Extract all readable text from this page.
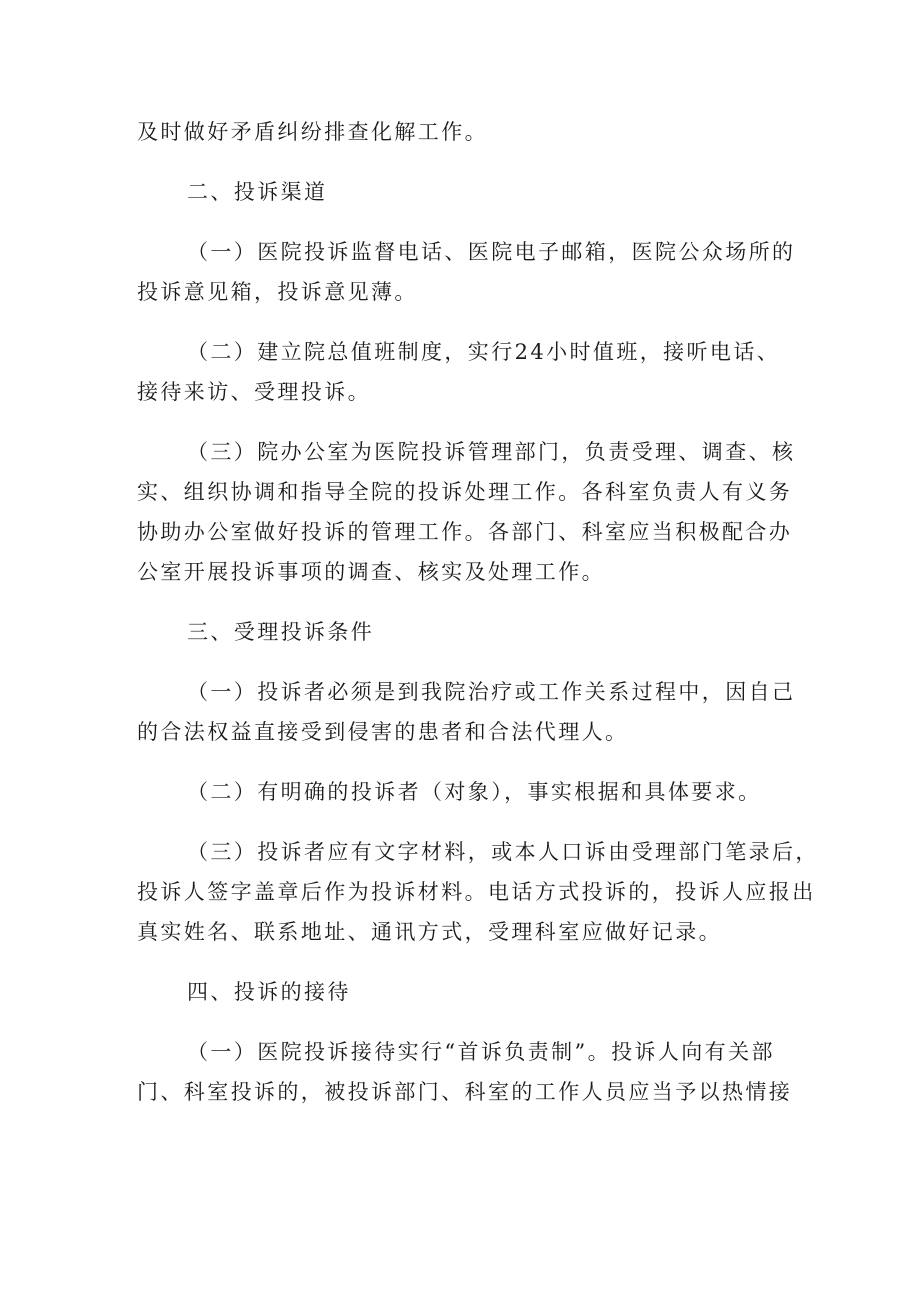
及时做好矛盾纠纷排查化解工作。
二、投诉渠道
（一）医院投诉监督电话、医院电子邮箱，医院公众场所的
投诉意见箱，投诉意见薄。
（二）建立院总值班制度，实行24小时值班，接听电话、
接待来访、受理投诉。
（三）院办公室为医院投诉管理部门，负责受理、调查、核
实、组织协调和指导全院的投诉处理工作。各科室负责人有义务
协助办公室做好投诉的管理工作。各部门、科室应当积极配合办
公室开展投诉事项的调查、核实及处理工作。
三、受理投诉条件
（一）投诉者必须是到我院治疗或工作关系过程中，因自己
的合法权益直接受到侵害的患者和合法代理人。
（二）有明确的投诉者（对象），事实根据和具体要求。
（三）投诉者应有文字材料，或本人口诉由受理部门笔录后，
投诉人签字盖章后作为投诉材料。电话方式投诉的，投诉人应报出
真实姓名、联系地址、通讯方式，受理科室应做好记录。
四、投诉的接待
（一）医院投诉接待实行“首诉负责制”。投诉人向有关部
门、科室投诉的，被投诉部门、科室的工作人员应当予以热情接
